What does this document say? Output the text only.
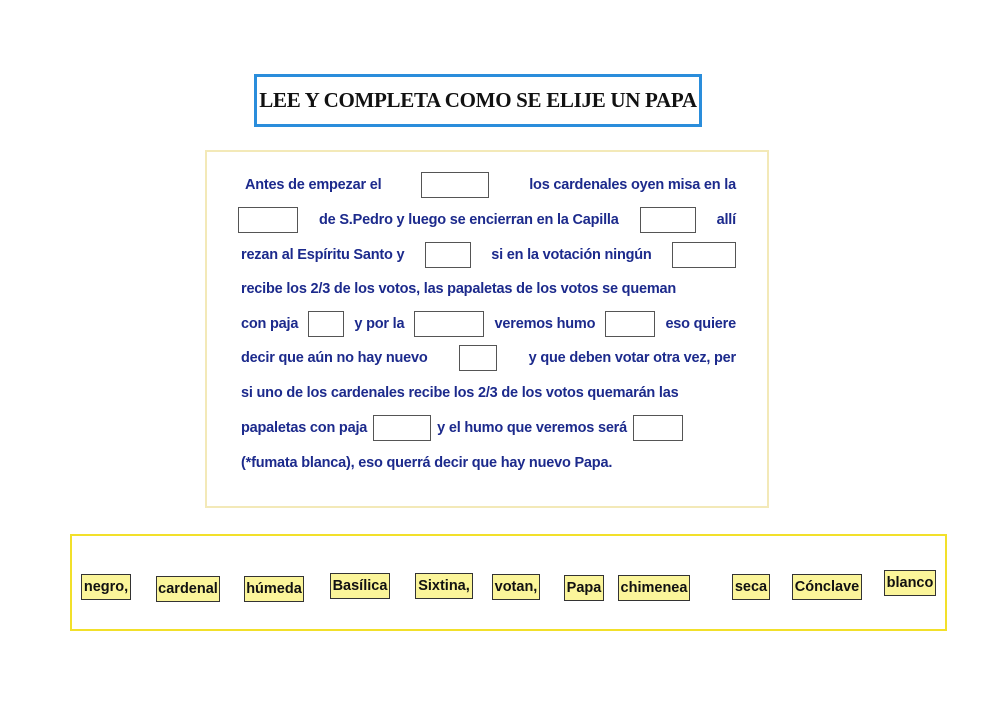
LEE Y COMPLETA COMO SE ELIJE UN PAPA
Antes de empezar el	los cardenales oyen misa en la
de S.Pedro y luego se encierran en la Capilla	allí
rezan al Espíritu Santo y	si en la votación ningún
recibe los 2/3 de los votos, las papaletas de los votos se queman
con paja	y por la	veremos humo	eso quiere
decir que aún no hay nuevo	y que deben votar otra vez, per
si uno de los cardenales recibe los 2/3 de los votos quemarán las
papaletas con paja	y el humo que veremos será
(*fumata blanca), eso querrá decir que hay nuevo Papa.
negro, cardenal húmeda Basílica Sixtina, votan, Papa chimenea	seca Cónclave blanco
